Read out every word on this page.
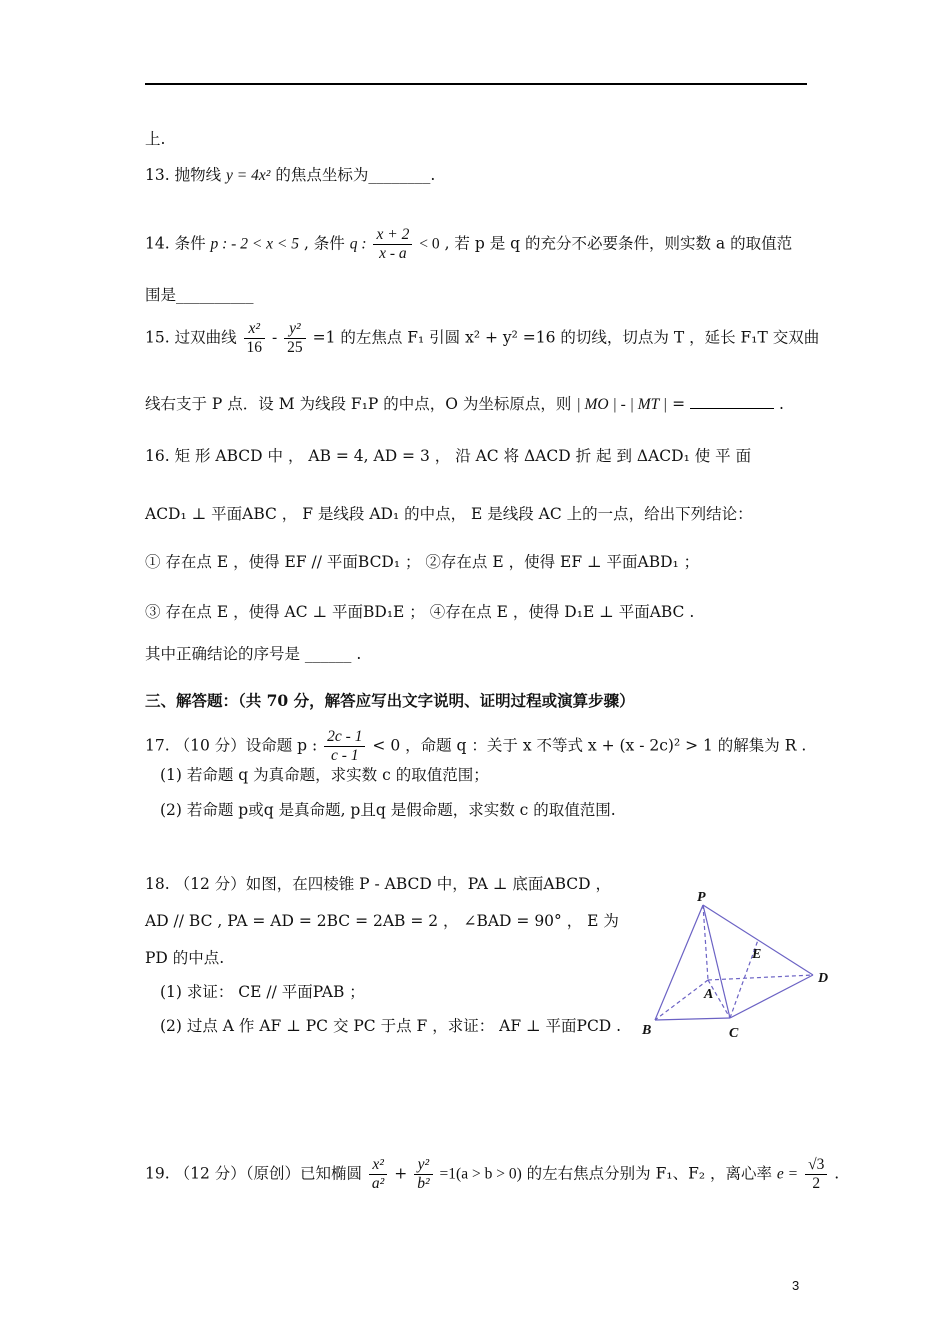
上.
13. 抛物线 y = 4x² 的焦点坐标为________.
14. 条件 p : - 2 < x < 5 , 条件 q : $\frac{x + 2}{x - a} < 0$ , 若 p 是 q 的充分不必要条件，则实数 a 的取值范
围是__________
15. 过双曲线 $\frac{\text{x²}}{16} - \frac{\text{y²}}{25} =1$ 的左焦点 F₁ 引圆 x² + y² =16 的切线，切点为 T ，延长 F₁T 交双曲
线右支于 P 点．设 M 为线段 F₁P 的中点，O 为坐标原点，则 | MO | - | MT | =	.
16. 矩 形 ABCD 中 ， AB = 4, AD = 3 ， 沿 AC 将 ΔACD 折 起 到 ΔACD₁ 使 平 面
ACD₁ ⊥ 平面ABC ， F 是线段 AD₁ 的中点， E 是线段 AC 上的一点，给出下列结论：
① 存在点 E ，使得 EF // 平面BCD₁ ； ②存在点 E ，使得 EF ⊥ 平面ABD₁ ；
③ 存在点 E ，使得 AC ⊥ 平面BD₁E ； ④存在点 E ，使得 D₁E ⊥ 平面ABC .
其中正确结论的序号是 ______ .
三、解答题：（共 70 分，解答应写出文字说明、证明过程或演算步骤）
17. （10 分）设命题 p : $\frac{2c - 1}{c - 1} < 0$ ，命题 q ：关于 x 不等式 x + (x - 2c)² > 1 的解集为 R .
(1) 若命题 q 为真命题，求实数 c 的取值范围；
(2) 若命题 p或q 是真命题, p且q 是假命题，求实数 c 的取值范围.
18. （12 分）如图，在四棱锥 P - ABCD 中，PA ⊥ 底面ABCD ，
AD // BC , PA = AD = 2BC = 2AB = 2 ， ∠BAD = 90° ， E 为
PD 的中点.
(1) 求证： CE // 平面PAB ；
(2) 过点 A 作 AF ⊥ PC 交 PC 于点 F ，求证： AF ⊥ 平面PCD .
P
E
D
A
B	C
19. （12 分）（原创）已知椭圆 $\frac{\text{x²}}{\text{a²}} + \frac{\text{y²}}{\text{b²}} =1(a > b > 0)$ 的左右焦点分别为 F₁、F₂ ，离心率 $e = \frac{√3}{2}$ .
3
